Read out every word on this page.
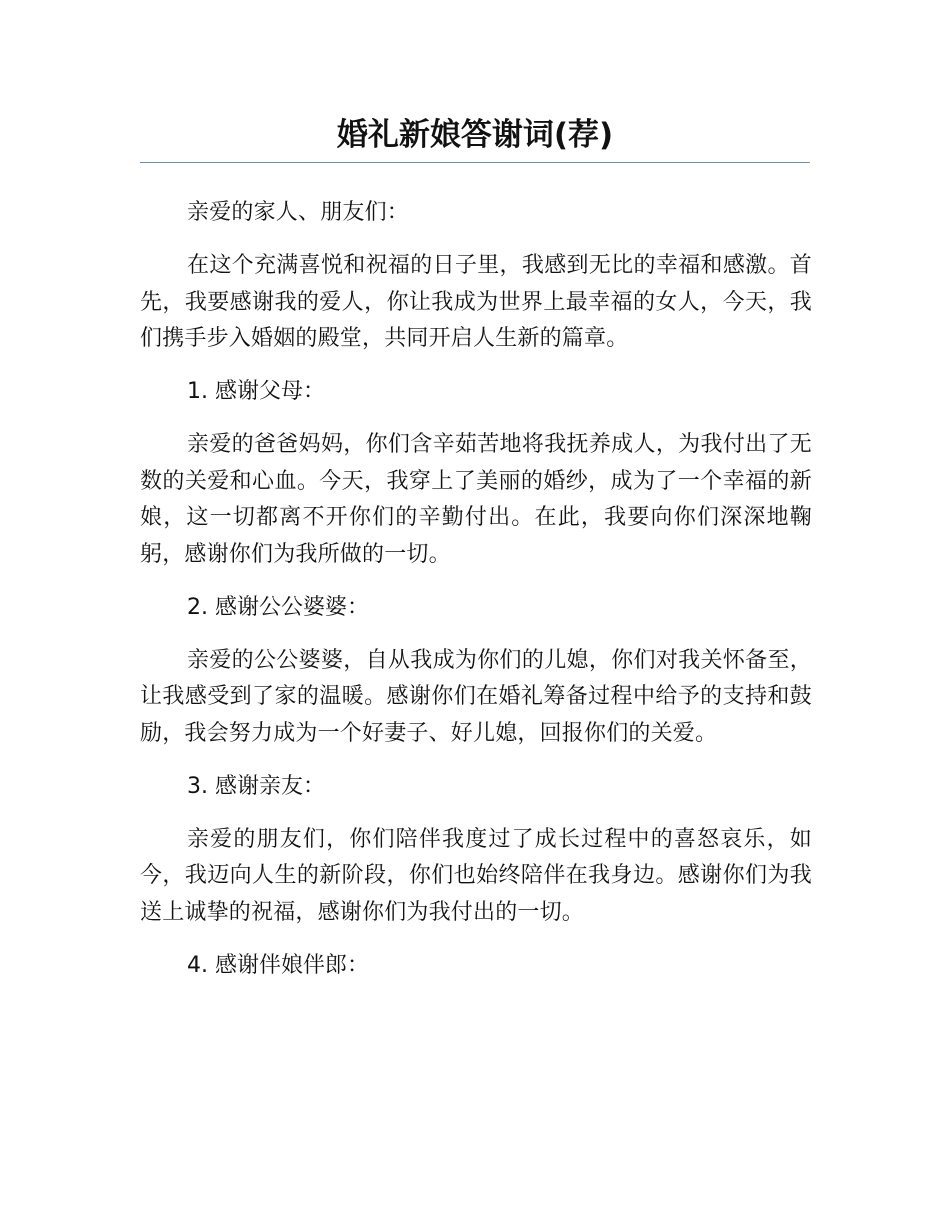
婚礼新娘答谢词(荐)

亲爱的家人、朋友们：

在这个充满喜悦和祝福的日子里，我感到无比的幸福和感激。首先，我要感谢我的爱人，你让我成为世界上最幸福的女人，今天，我们携手步入婚姻的殿堂，共同开启人生新的篇章。

1. 感谢父母：

亲爱的爸爸妈妈，你们含辛茹苦地将我抚养成人，为我付出了无数的关爱和心血。今天，我穿上了美丽的婚纱，成为了一个幸福的新娘，这一切都离不开你们的辛勤付出。在此，我要向你们深深地鞠躬，感谢你们为我所做的一切。

2. 感谢公公婆婆：

亲爱的公公婆婆，自从我成为你们的儿媳，你们对我关怀备至，让我感受到了家的温暖。感谢你们在婚礼筹备过程中给予的支持和鼓励，我会努力成为一个好妻子、好儿媳，回报你们的关爱。

3. 感谢亲友：

亲爱的朋友们，你们陪伴我度过了成长过程中的喜怒哀乐，如今，我迈向人生的新阶段，你们也始终陪伴在我身边。感谢你们为我送上诚挚的祝福，感谢你们为我付出的一切。

4. 感谢伴娘伴郎：
